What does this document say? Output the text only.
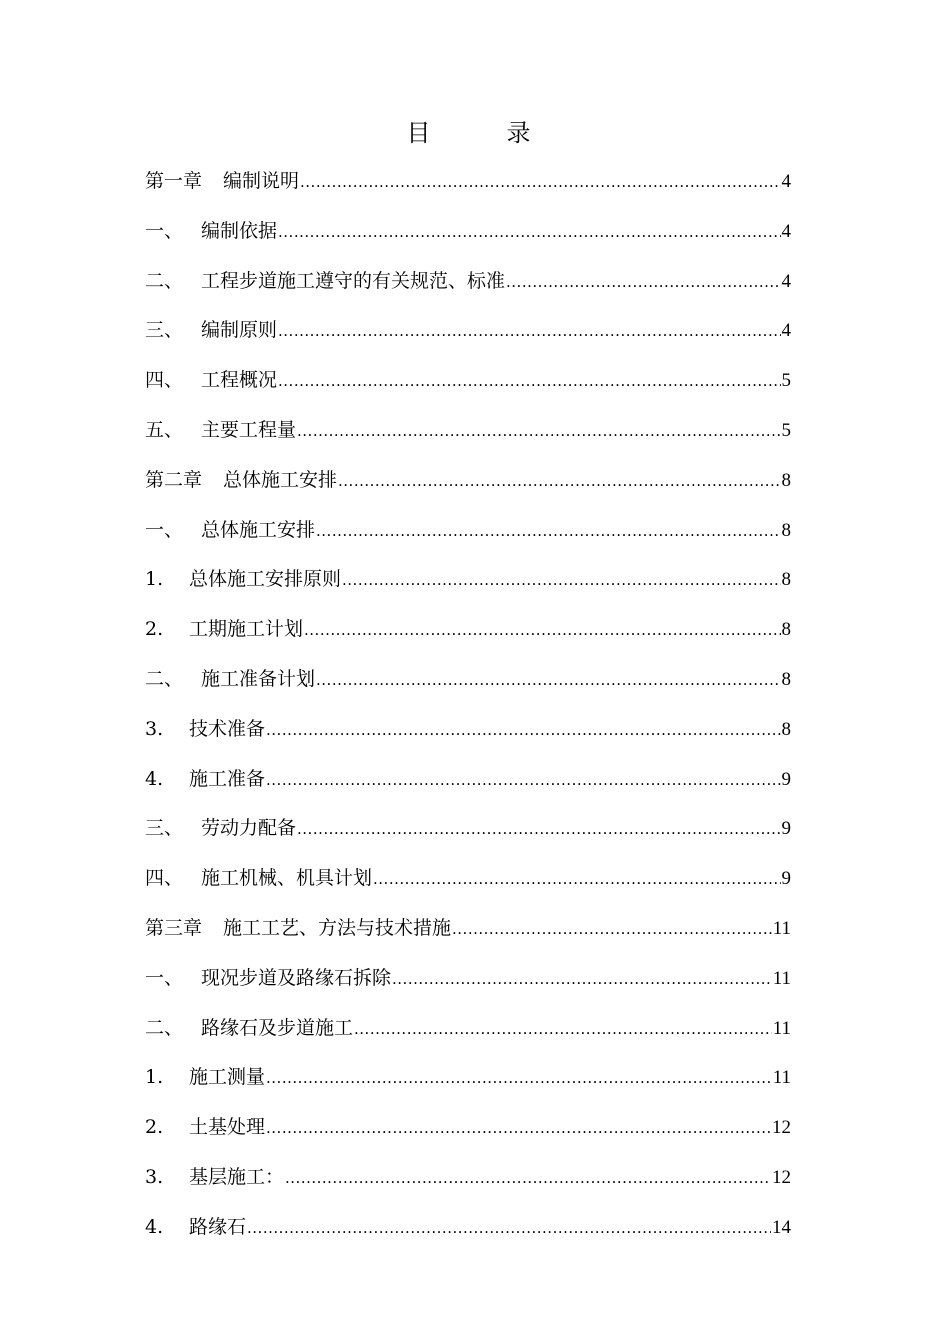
目　录
第一章	编制说明 .....	4
一、 编制依据 .....	4
二、 工程步道施工遵守的有关规范、标准 .....	4
三、 编制原则 .....	4
四、 工程概况 .....	5
五、 主要工程量 .....	5
第二章	总体施工安排 .....	8
一、 总体施工安排 .....	8
1.	总体施工安排原则 .....	8
2.	工期施工计划 .....	8
二、 施工准备计划 .....	8
3.	技术准备 .....	8
4.	施工准备 .....	9
三、 劳动力配备 .....	9
四、 施工机械、机具计划 .....	9
第三章	施工工艺、方法与技术措施 .....	11
一、 现况步道及路缘石拆除 .....	11
二、 路缘石及步道施工 .....	11
1.	施工测量 .....	11
2.	土基处理 .....	12
3.	基层施工： .....	12
4.	路缘石 .....	14
